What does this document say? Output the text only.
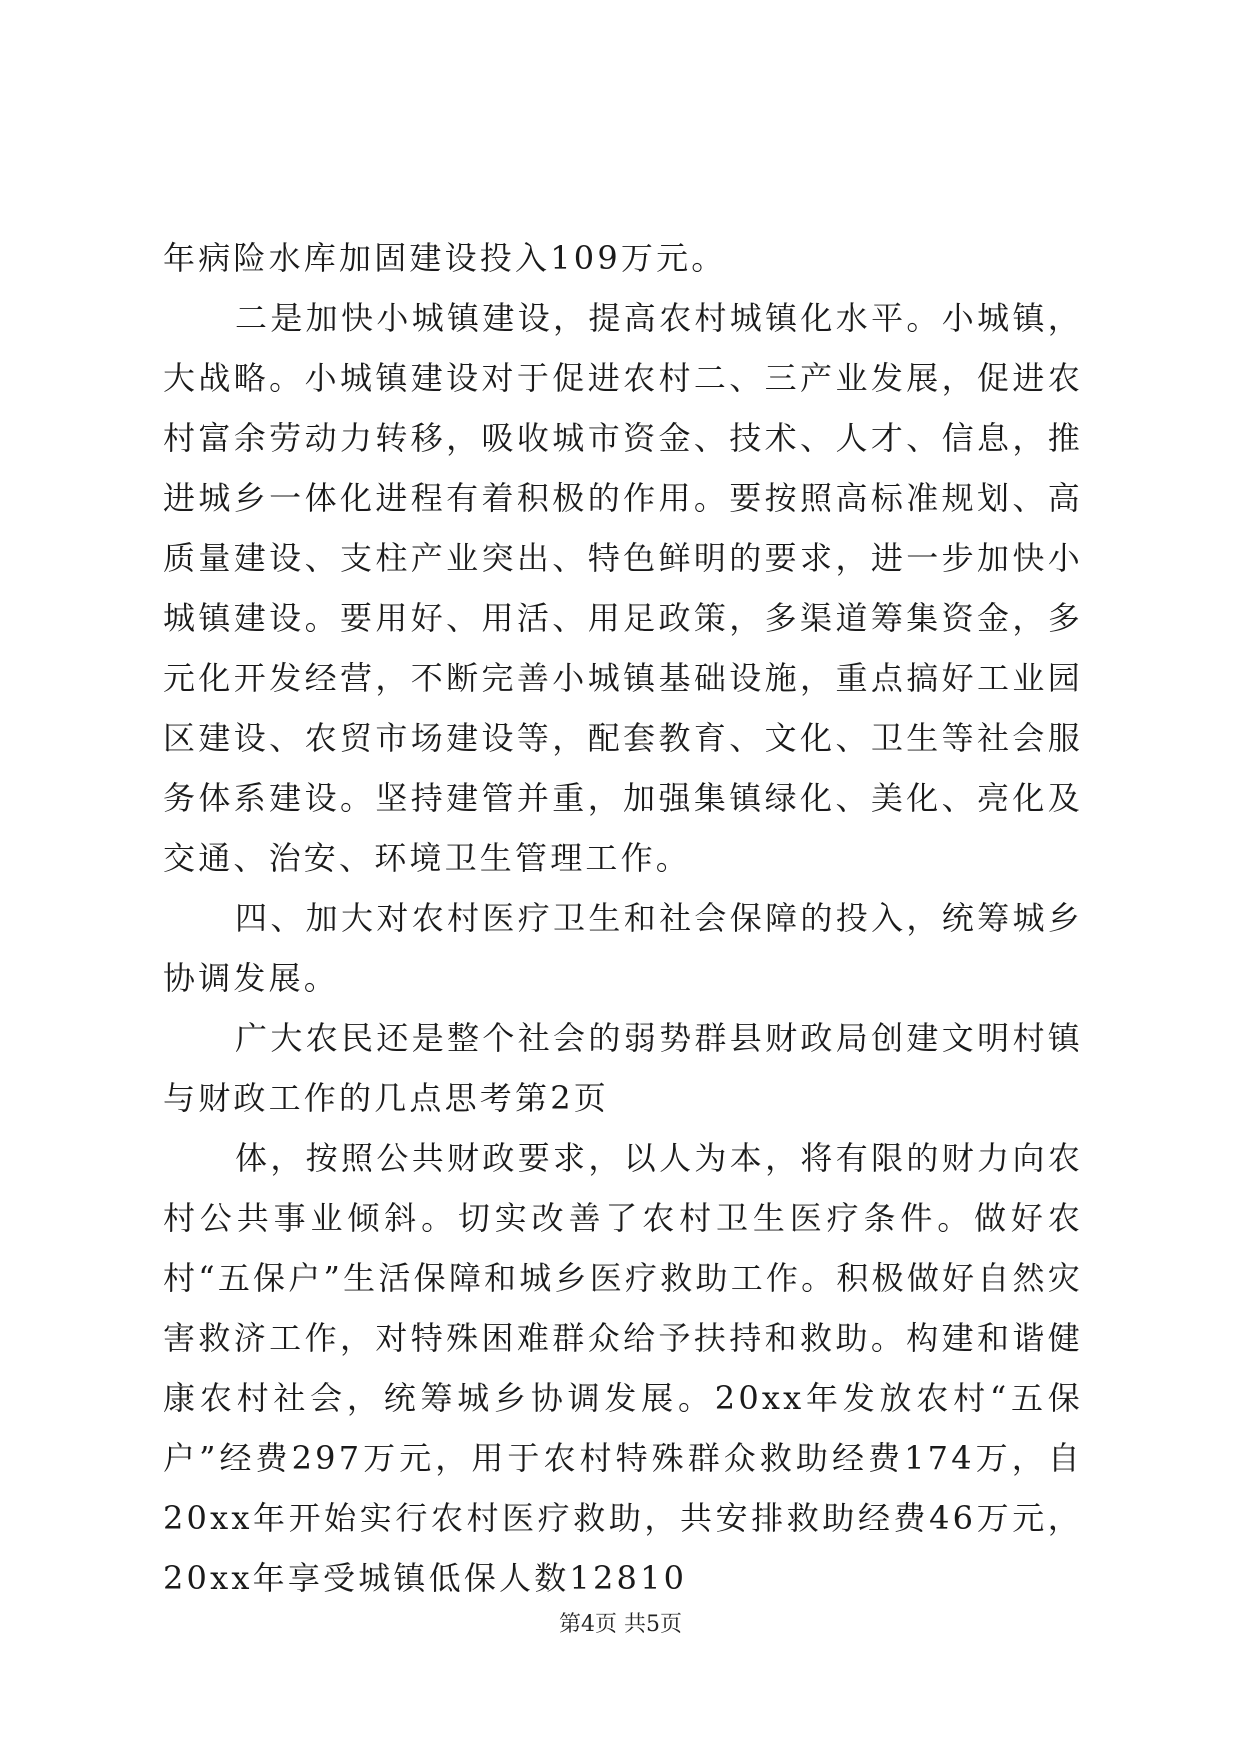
年病险水库加固建设投入109万元。

二是加快小城镇建设，提高农村城镇化水平。小城镇，大战略。小城镇建设对于促进农村二、三产业发展，促进农村富余劳动力转移，吸收城市资金、技术、人才、信息，推进城乡一体化进程有着积极的作用。要按照高标准规划、高质量建设、支柱产业突出、特色鲜明的要求，进一步加快小城镇建设。要用好、用活、用足政策，多渠道筹集资金，多元化开发经营，不断完善小城镇基础设施，重点搞好工业园区建设、农贸市场建设等，配套教育、文化、卫生等社会服务体系建设。坚持建管并重，加强集镇绿化、美化、亮化及交通、治安、环境卫生管理工作。

四、加大对农村医疗卫生和社会保障的投入，统筹城乡协调发展。

广大农民还是整个社会的弱势群县财政局创建文明村镇与财政工作的几点思考第2页

体，按照公共财政要求，以人为本，将有限的财力向农村公共事业倾斜。切实改善了农村卫生医疗条件。做好农村“五保户”生活保障和城乡医疗救助工作。积极做好自然灾害救济工作，对特殊困难群众给予扶持和救助。构建和谐健康农村社会，统筹城乡协调发展。20xx年发放农村“五保户”经费297万元，用于农村特殊群众救助经费174万，自20xx年开始实行农村医疗救助，共安排救助经费46万元，20xx年享受城镇低保人数12810

第4页 共5页
